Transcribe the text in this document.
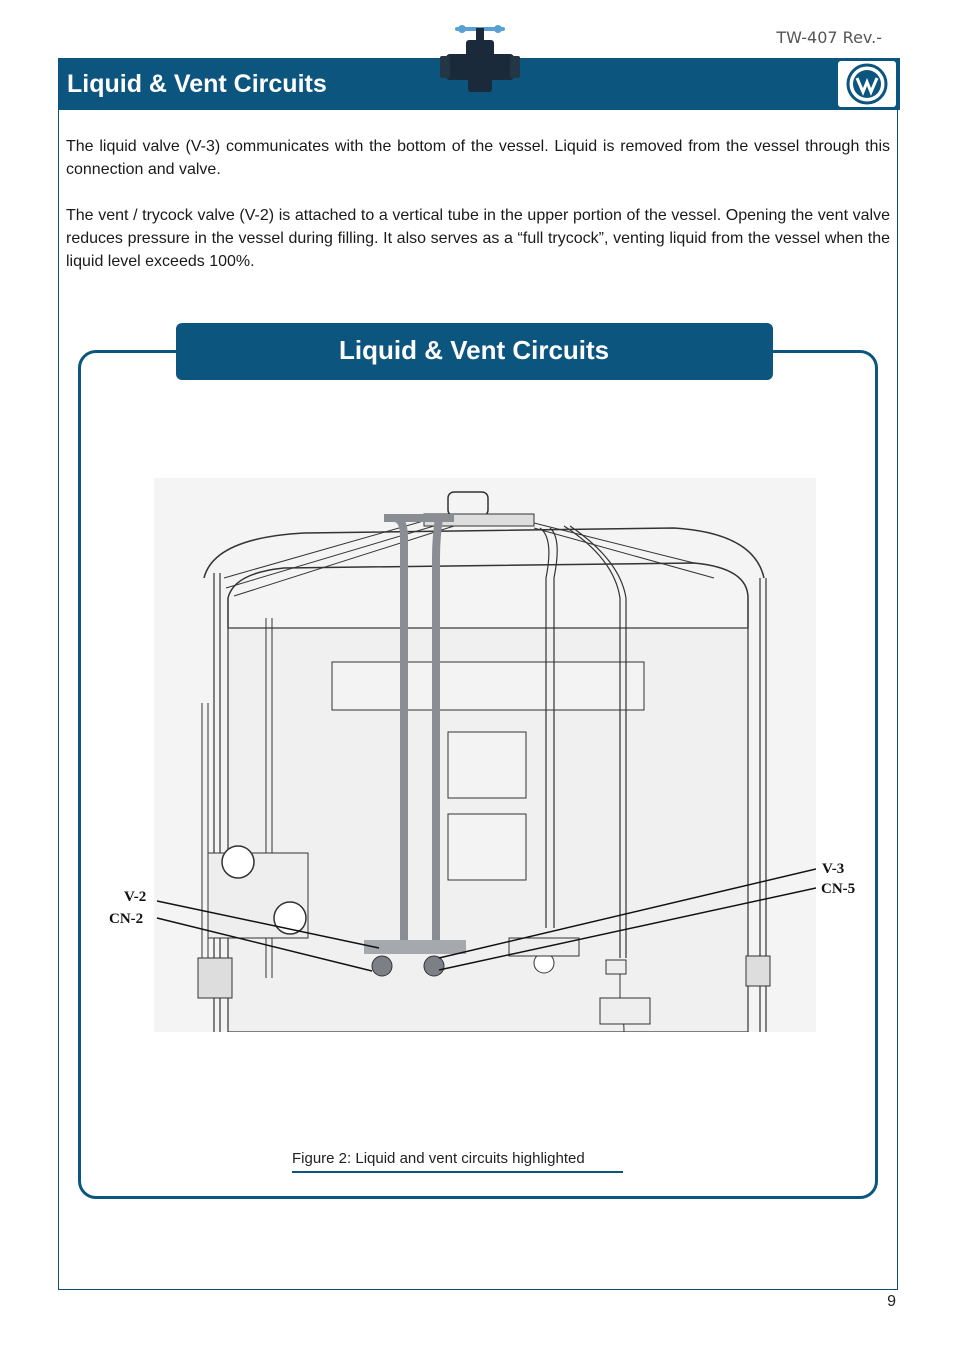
TW-407 Rev.-
Liquid & Vent Circuits
The liquid valve (V-3) communicates with the bottom of the vessel. Liquid is removed from the vessel through this connection and valve.
The vent / trycock valve (V-2) is attached to a vertical tube in the upper portion of the vessel. Opening the vent valve reduces pressure in the vessel during filling. It also serves as a “full trycock”, venting liquid from the vessel when the liquid level exceeds 100%.
Liquid & Vent Circuits
V-2
CN-2
V-3
CN-5
Figure 2: Liquid and vent circuits highlighted
9
